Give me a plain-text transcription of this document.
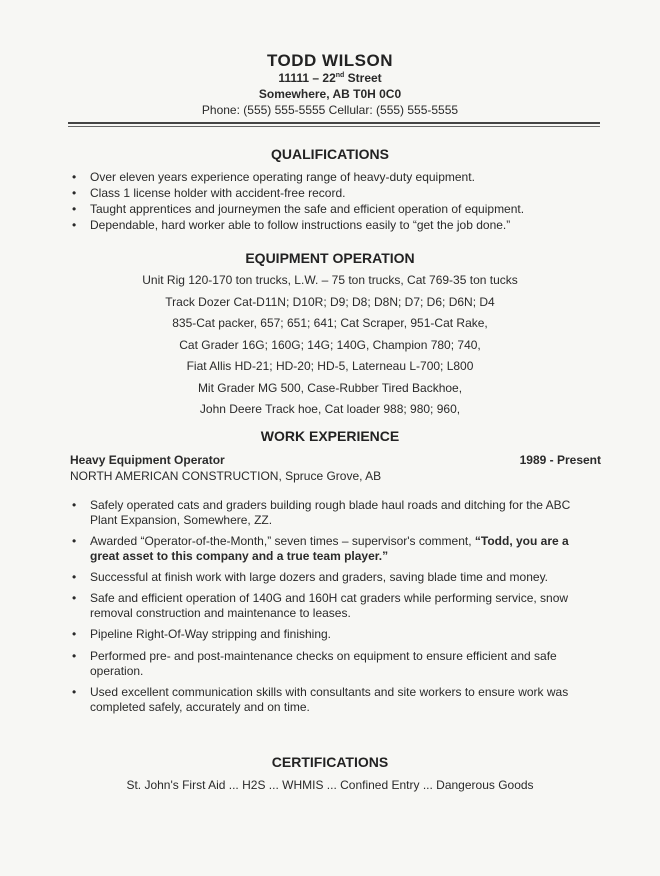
TODD WILSON
11111 – 22nd Street
Somewhere, AB T0H 0C0
Phone: (555) 555-5555 Cellular: (555) 555-5555
QUALIFICATIONS
• Over eleven years experience operating range of heavy-duty equipment.
• Class 1 license holder with accident-free record.
• Taught apprentices and journeymen the safe and efficient operation of equipment.
• Dependable, hard worker able to follow instructions easily to “get the job done.”
EQUIPMENT OPERATION
Unit Rig 120-170 ton trucks, L.W. – 75 ton trucks, Cat 769-35 ton tucks
Track Dozer Cat-D11N; D10R; D9; D8; D8N; D7; D6; D6N; D4
835-Cat packer, 657; 651; 641; Cat Scraper, 951-Cat Rake,
Cat Grader 16G; 160G; 14G; 140G, Champion 780; 740,
Fiat Allis HD-21; HD-20; HD-5, Laterneau L-700; L800
Mit Grader MG 500, Case-Rubber Tired Backhoe,
John Deere Track hoe, Cat loader 988; 980; 960,
WORK EXPERIENCE
Heavy Equipment Operator	1989 - Present
NORTH AMERICAN CONSTRUCTION, Spruce Grove, AB
• Safely operated cats and graders building rough blade haul roads and ditching for the ABC Plant Expansion, Somewhere, ZZ.
• Awarded “Operator-of-the-Month,” seven times – supervisor's comment, “Todd, you are a great asset to this company and a true team player.”
• Successful at finish work with large dozers and graders, saving blade time and money.
• Safe and efficient operation of 140G and 160H cat graders while performing service, snow removal construction and maintenance to leases.
• Pipeline Right-Of-Way stripping and finishing.
• Performed pre- and post-maintenance checks on equipment to ensure efficient and safe operation.
• Used excellent communication skills with consultants and site workers to ensure work was completed safely, accurately and on time.
CERTIFICATIONS
St. John's First Aid ... H2S ... WHMIS ... Confined Entry ... Dangerous Goods
